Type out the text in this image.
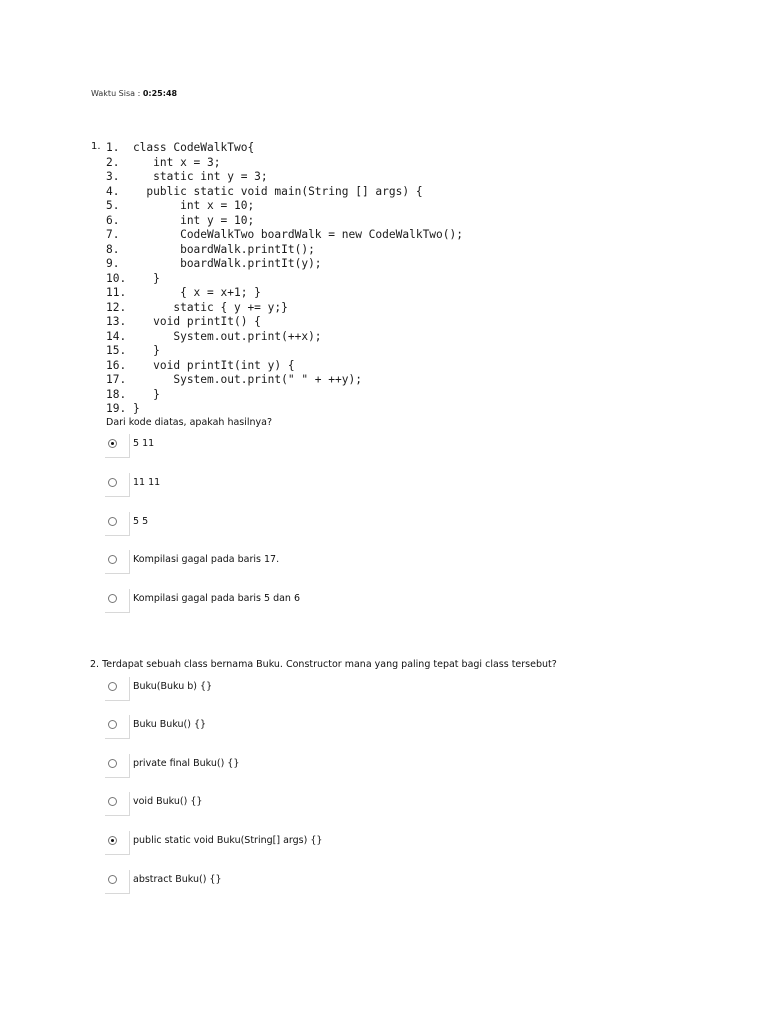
Waktu Sisa : 0:25:48
1. 1.  class CodeWalkTwo{
2.     int x = 3;
3.     static int y = 3;
4.    public static void main(String [] args) {
5.         int x = 10;
6.         int y = 10;
7.         CodeWalkTwo boardWalk = new CodeWalkTwo();
8.         boardWalk.printIt();
9.         boardWalk.printIt(y);
10.    }
11.        { x = x+1; }
12.       static { y += y;}
13.    void printIt() {
14.       System.out.print(++x);
15.    }
16.    void printIt(int y) {
17.       System.out.print(" " + ++y);
18.    }
19. }
Dari kode diatas, apakah hasilnya?
5 11
11 11
5 5
Kompilasi gagal pada baris 17.
Kompilasi gagal pada baris 5 dan 6
2. Terdapat sebuah class bernama Buku. Constructor mana yang paling tepat bagi class tersebut?
Buku(Buku b) {}
Buku Buku() {}
private final Buku() {}
void Buku() {}
public static void Buku(String[] args) {}
abstract Buku() {}
